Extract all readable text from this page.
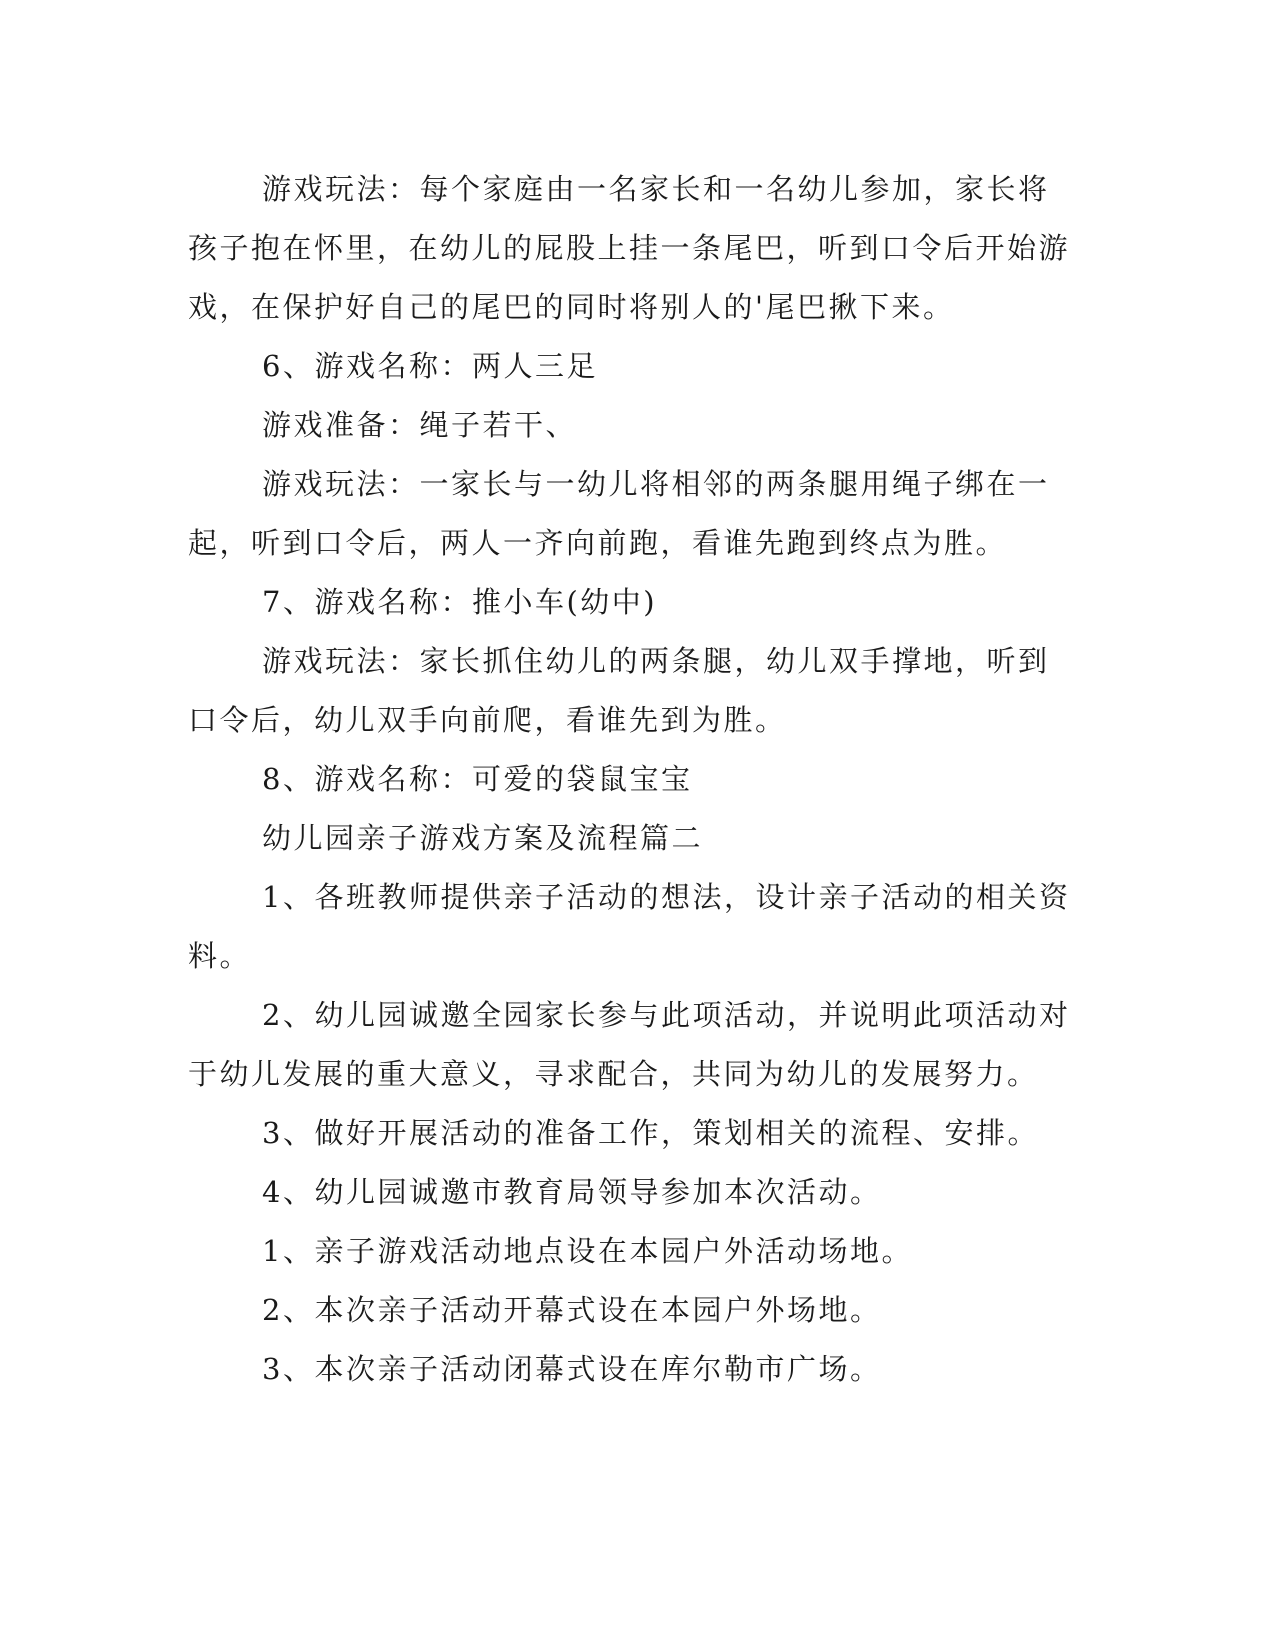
游戏玩法：每个家庭由一名家长和一名幼儿参加，家长将孩子抱在怀里，在幼儿的屁股上挂一条尾巴，听到口令后开始游戏，在保护好自己的尾巴的同时将别人的'尾巴揪下来。

6、游戏名称：两人三足

游戏准备：绳子若干、

游戏玩法：一家长与一幼儿将相邻的两条腿用绳子绑在一起，听到口令后，两人一齐向前跑，看谁先跑到终点为胜。

7、游戏名称：推小车(幼中)

游戏玩法：家长抓住幼儿的两条腿，幼儿双手撑地，听到口令后，幼儿双手向前爬，看谁先到为胜。

8、游戏名称：可爱的袋鼠宝宝

幼儿园亲子游戏方案及流程篇二

1、各班教师提供亲子活动的想法，设计亲子活动的相关资料。

2、幼儿园诚邀全园家长参与此项活动，并说明此项活动对于幼儿发展的重大意义，寻求配合，共同为幼儿的发展努力。

3、做好开展活动的准备工作，策划相关的流程、安排。

4、幼儿园诚邀市教育局领导参加本次活动。

1、亲子游戏活动地点设在本园户外活动场地。

2、本次亲子活动开幕式设在本园户外场地。

3、本次亲子活动闭幕式设在库尔勒市广场。
